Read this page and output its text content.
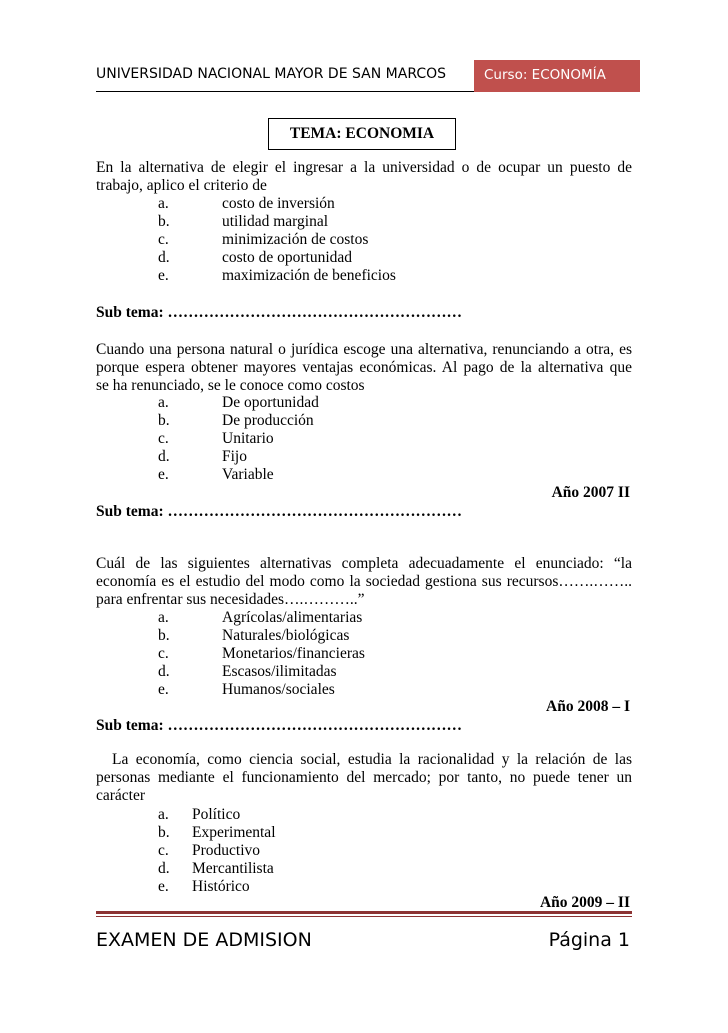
UNIVERSIDAD NACIONAL MAYOR DE SAN MARCOS	Curso: ECONOMÍA
TEMA: ECONOMIA
En la alternativa de elegir el ingresar a la universidad o de ocupar un puesto de
trabajo, aplico el criterio de
a.	costo de inversión
b.	utilidad marginal
c.	minimización de costos
d.	costo de oportunidad
e.	maximización de beneficios
Sub tema: …………………………………………………
Cuando una persona natural o jurídica escoge una alternativa, renunciando a otra, es
porque espera obtener mayores ventajas económicas. Al pago de la alternativa que
se ha renunciado, se le conoce como costos
a.	De oportunidad
b.	De producción
c.	Unitario
d.	Fijo
e.	Variable
Año 2007 II
Sub tema: …………………………………………………
Cuál de las siguientes alternativas completa adecuadamente el enunciado: “la
economía es el estudio del modo como la sociedad gestiona sus recursos…….……..
para enfrentar sus necesidades….………..”
a.	Agrícolas/alimentarias
b.	Naturales/biológicas
c.	Monetarios/financieras
d.	Escasos/ilimitadas
e.	Humanos/sociales
Año 2008 – I
Sub tema: …………………………………………………
La economía, como ciencia social, estudia la racionalidad y la relación de las
personas mediante el funcionamiento del mercado; por tanto, no puede tener un
carácter
a. Político
b. Experimental
c. Productivo
d. Mercantilista
e. Histórico
Año 2009 – II
EXAMEN DE ADMISION	Página 1
